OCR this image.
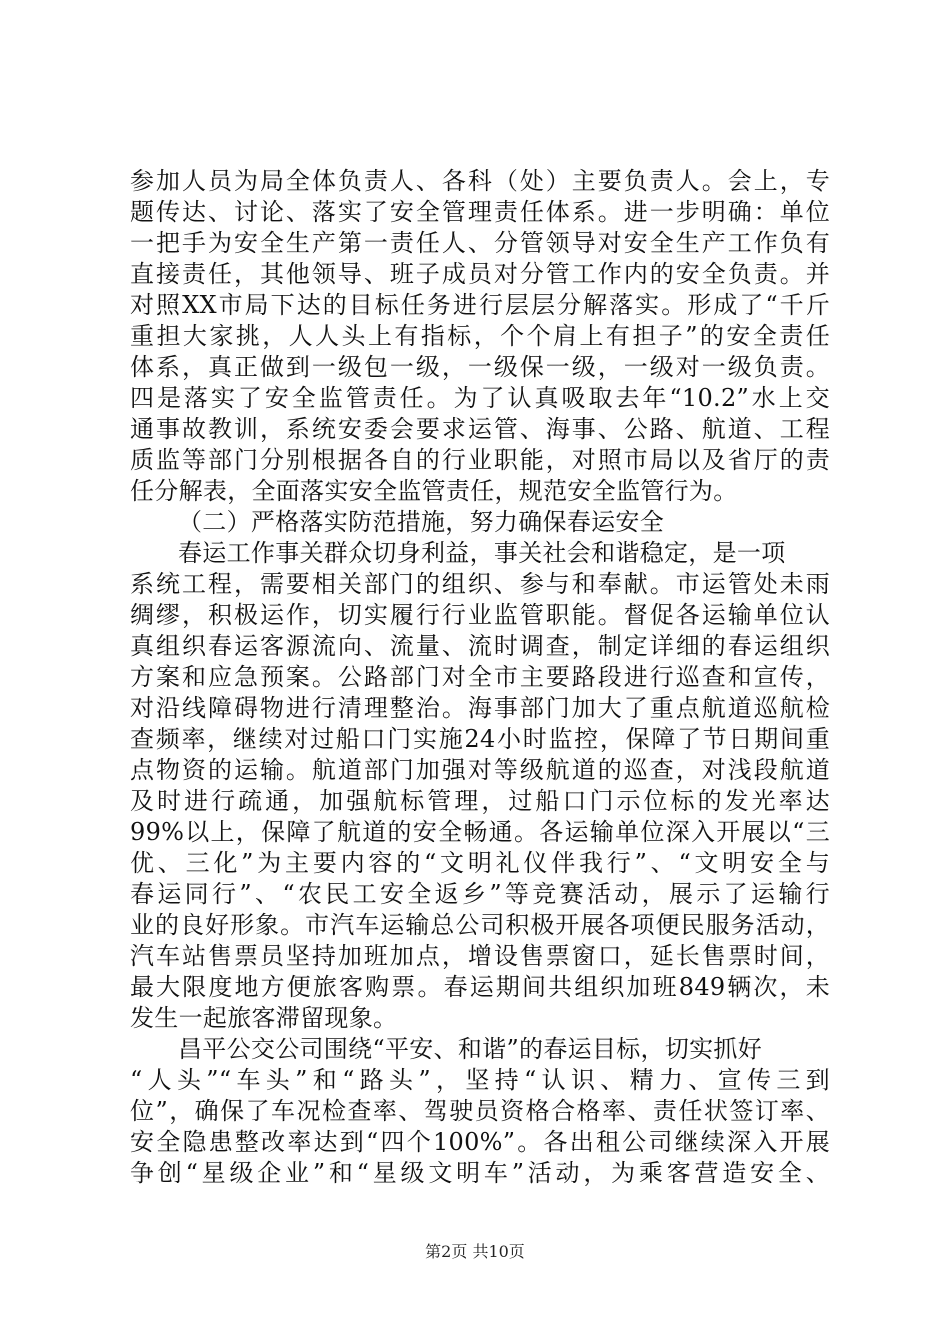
参加人员为局全体负责人、各科（处）主要负责人。会上，专
题传达、讨论、落实了安全管理责任体系。进一步明确：单位
一把手为安全生产第一责任人、分管领导对安全生产工作负有
直接责任，其他领导、班子成员对分管工作内的安全负责。并
对照XX市局下达的目标任务进行层层分解落实。形成了“千斤
重担大家挑，人人头上有指标，个个肩上有担子”的安全责任
体系，真正做到一级包一级，一级保一级，一级对一级负责。
四是落实了安全监管责任。为了认真吸取去年“10.2”水上交
通事故教训，系统安委会要求运管、海事、公路、航道、工程
质监等部门分别根据各自的行业职能，对照市局以及省厅的责
任分解表，全面落实安全监管责任，规范安全监管行为。
（二）严格落实防范措施，努力确保春运安全
春运工作事关群众切身利益，事关社会和谐稳定，是一项
系统工程，需要相关部门的组织、参与和奉献。市运管处未雨
绸缪，积极运作，切实履行行业监管职能。督促各运输单位认
真组织春运客源流向、流量、流时调查，制定详细的春运组织
方案和应急预案。公路部门对全市主要路段进行巡查和宣传，
对沿线障碍物进行清理整治。海事部门加大了重点航道巡航检
查频率，继续对过船口门实施24小时监控，保障了节日期间重
点物资的运输。航道部门加强对等级航道的巡查，对浅段航道
及时进行疏通，加强航标管理，过船口门示位标的发光率达
99%以上，保障了航道的安全畅通。各运输单位深入开展以“三
优、三化”为主要内容的“文明礼仪伴我行”、“文明安全与
春运同行”、“农民工安全返乡”等竞赛活动，展示了运输行
业的良好形象。市汽车运输总公司积极开展各项便民服务活动，
汽车站售票员坚持加班加点，增设售票窗口，延长售票时间，
最大限度地方便旅客购票。春运期间共组织加班849辆次，未
发生一起旅客滞留现象。
昌平公交公司围绕“平安、和谐”的春运目标，切实抓好
“人头”“车头”和“路头”，坚持“认识、精力、宣传三到
位”，确保了车况检查率、驾驶员资格合格率、责任状签订率、
安全隐患整改率达到“四个100%”。各出租公司继续深入开展
争创“星级企业”和“星级文明车”活动，为乘客营造安全、
第2页 共10页
